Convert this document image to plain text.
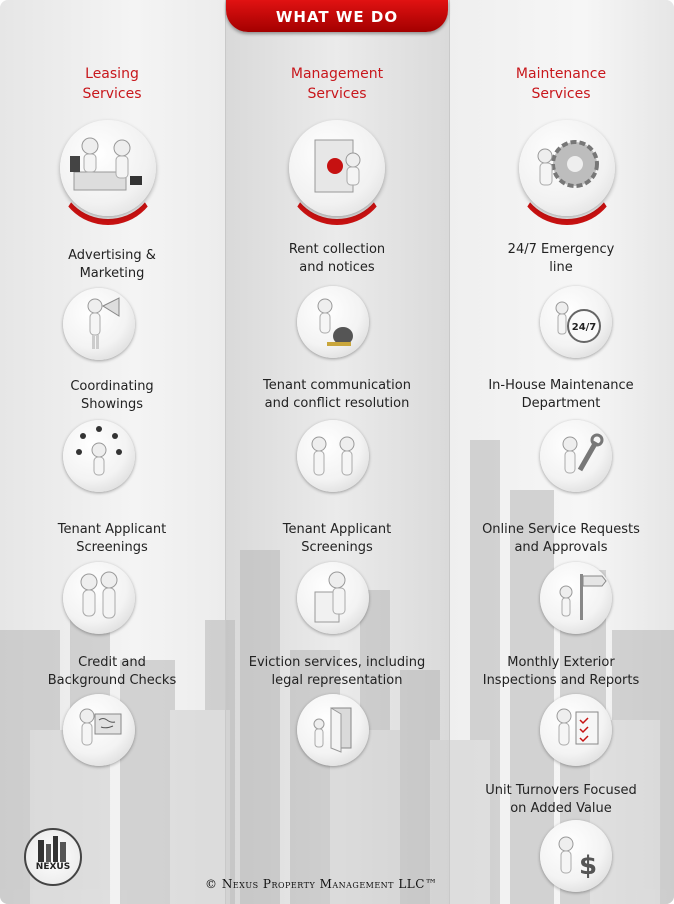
WHAT WE DO
Leasing
Services
Advertising &
Marketing
Coordinating
Showings
Tenant Applicant
Screenings
Credit and
Background Checks
Management
Services
Rent collection
and notices
Tenant communication
and conflict resolution
Tenant Applicant
Screenings
Eviction services, including
legal representation
Maintenance
Services
24/7 Emergency
line
24/7
In-House Maintenance
Department
Online Service Requests
and Approvals
Monthly Exterior
Inspections and Reports
Unit Turnovers Focused
on Added Value
$
NEXUS
© Nexus Property Management LLC™
